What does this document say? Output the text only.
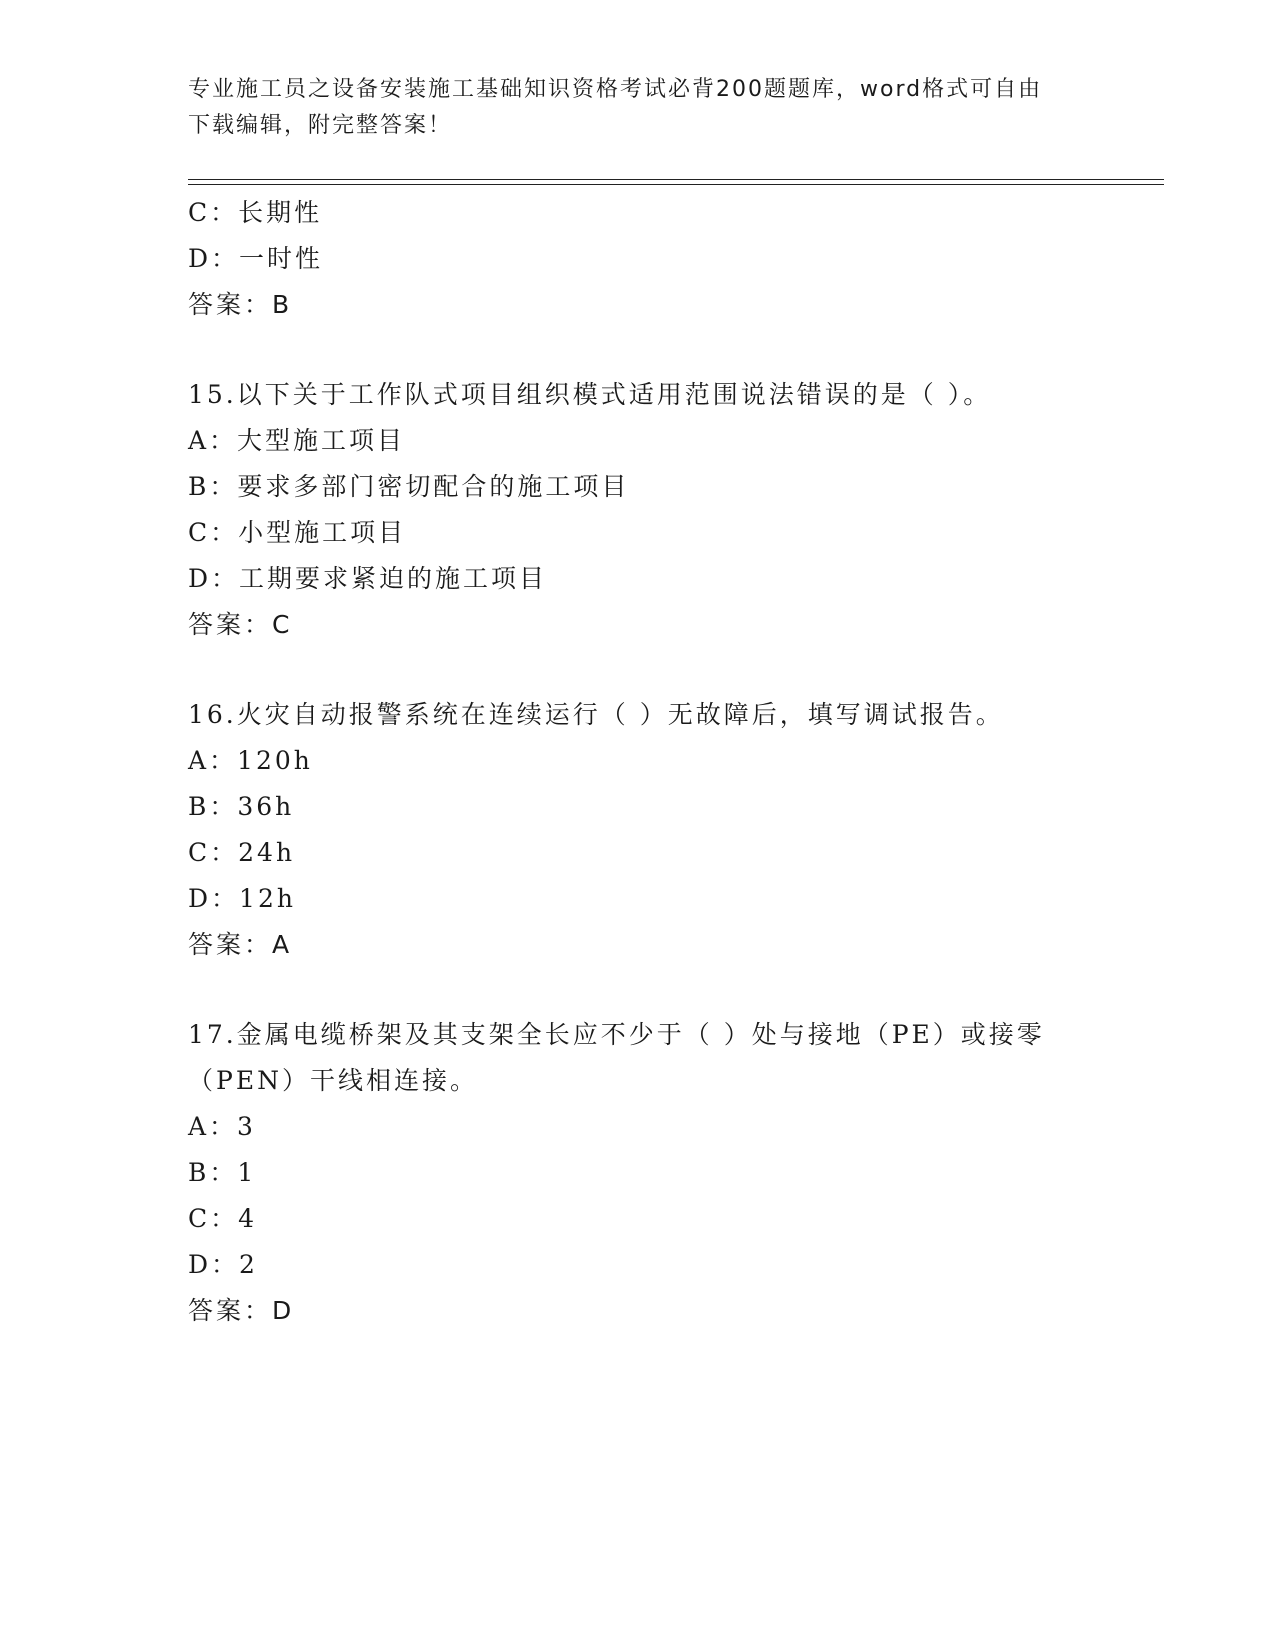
专业施工员之设备安装施工基础知识资格考试必背200题题库，word格式可自由
下载编辑，附完整答案！
C：长期性
D：一时性
答案：B
15.以下关于工作队式项目组织模式适用范围说法错误的是（ ）。
A：大型施工项目
B：要求多部门密切配合的施工项目
C：小型施工项目
D：工期要求紧迫的施工项目
答案：C
16.火灾自动报警系统在连续运行（ ）无故障后，填写调试报告。
A：120h
B：36h
C：24h
D：12h
答案：A
17.金属电缆桥架及其支架全长应不少于（ ）处与接地（PE）或接零
（PEN）干线相连接。
A：3
B：1
C：4
D：2
答案：D
